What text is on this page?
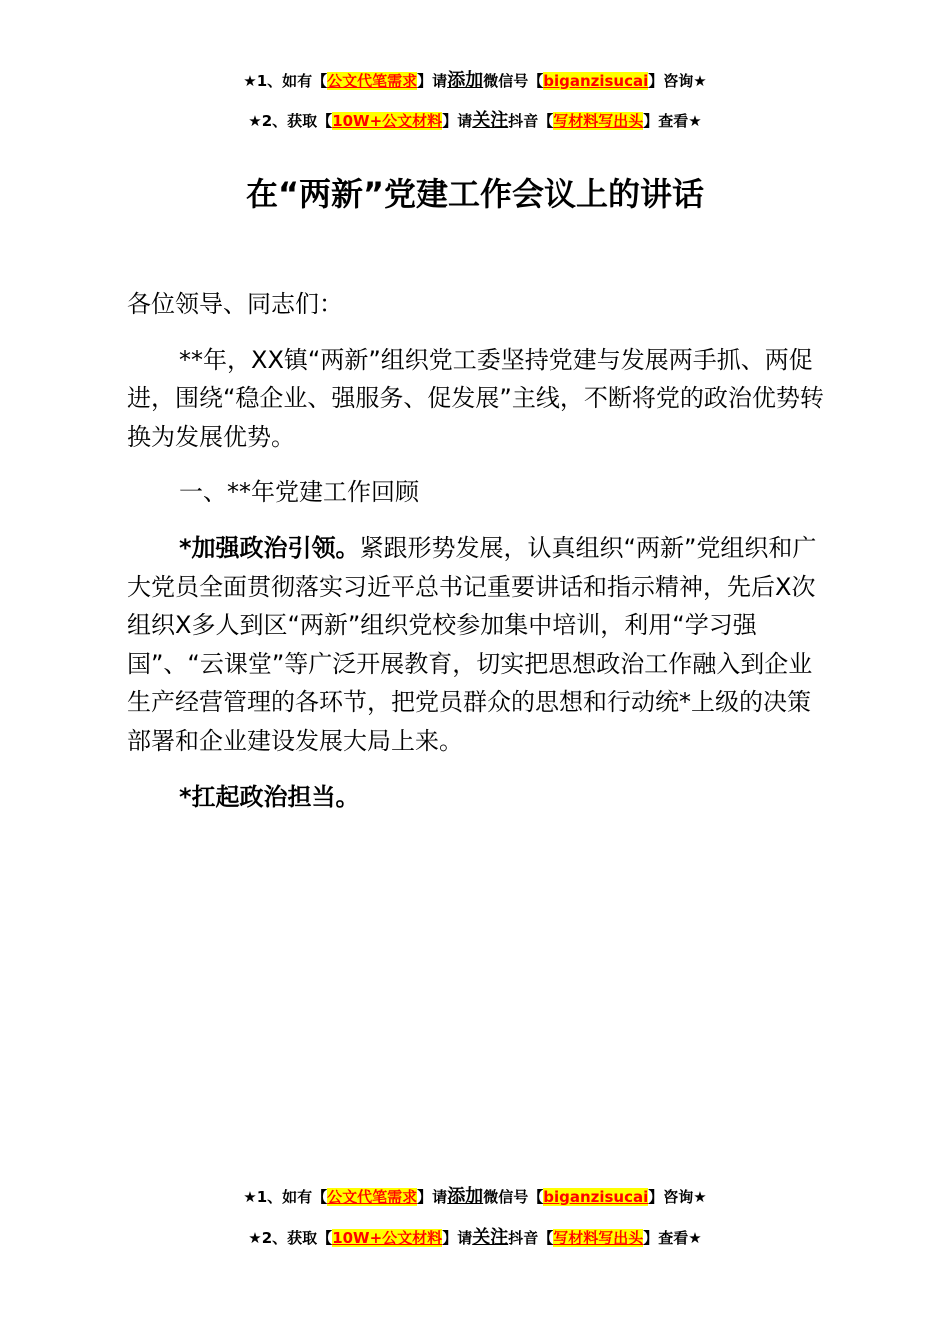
★1、如有【公文代笔需求】请添加微信号【biganzisucai】咨询★
★2、获取【10W+公文材料】请关注抖音【写材料写出头】查看★
在“两新”党建工作会议上的讲话

各位领导、同志们：

**年，XX镇“两新”组织党工委坚持党建与发展两手抓、两促进，围绕“稳企业、强服务、促发展”主线，不断将党的政治优势转换为发展优势。

一、**年党建工作回顾

*加强政治引领。紧跟形势发展，认真组织“两新”党组织和广大党员全面贯彻落实习近平总书记重要讲话和指示精神，先后X次组织X多人到区“两新”组织党校参加集中培训，利用“学习强国”、“云课堂”等广泛开展教育，切实把思想政治工作融入到企业生产经营管理的各环节，把党员群众的思想和行动统*上级的决策部署和企业建设发展大局上来。

*扛起政治担当。

★1、如有【公文代笔需求】请添加微信号【biganzisucai】咨询★
★2、获取【10W+公文材料】请关注抖音【写材料写出头】查看★
